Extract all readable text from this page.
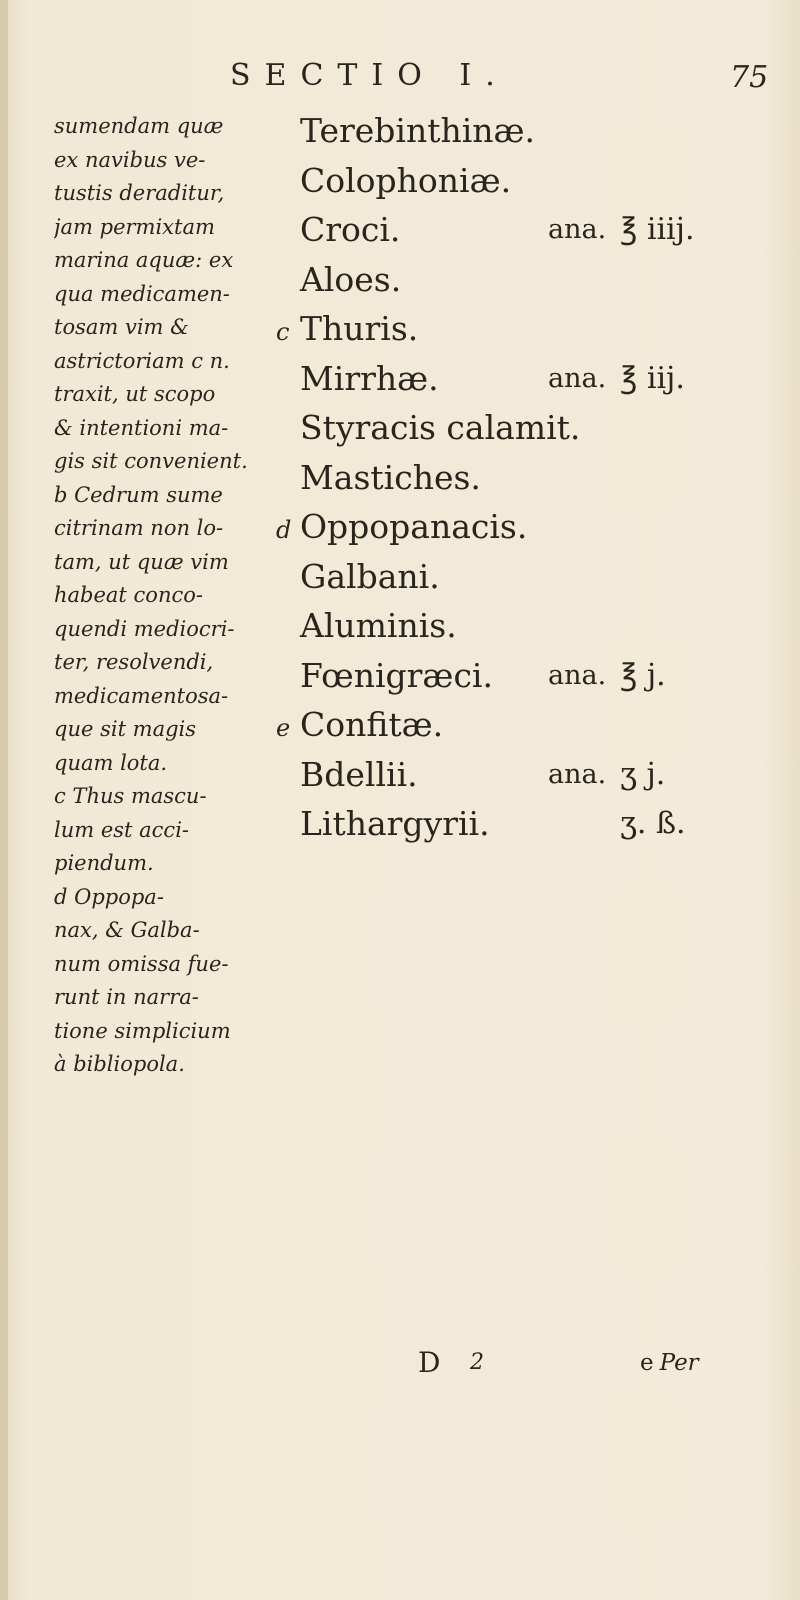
SECTIO I.	75
sumendam quæ
ex navibus ve-
tustis deraditur,
jam permixtam
marina aquæ: ex
qua medicamen-
tosam vim &
astrictoriam c n.
traxit, ut scopo
& intentioni ma-
gis sit convenient.
b Cedrum sume
citrinam non lo-
tam, ut quæ vim
habeat conco-
quendi mediocri-
ter, resolvendi,
medicamentosa-
que sit magis
quam lota.
c Thus mascu-
lum est acci-
piendum.
d Oppopa-
nax, & Galba-
num omissa fue-
runt in narra-
tione simplicium
à bibliopola.
Terebinthinæ.
Colophoniæ.
Croci.	ana. ℥ iiij.
Aloes.
c Thuris.
Mirrhæ.	ana. ℥ iij.
Styracis calamit.
Mastiches.
d Oppopanacis.
Galbani.
Aluminis.
Fœnigræci. ana. ℥ j.
e Confitæ.
Bdellii.	ana. ʒ j.
Lithargyrii.	ʒ. ß.
D 2	e Per
